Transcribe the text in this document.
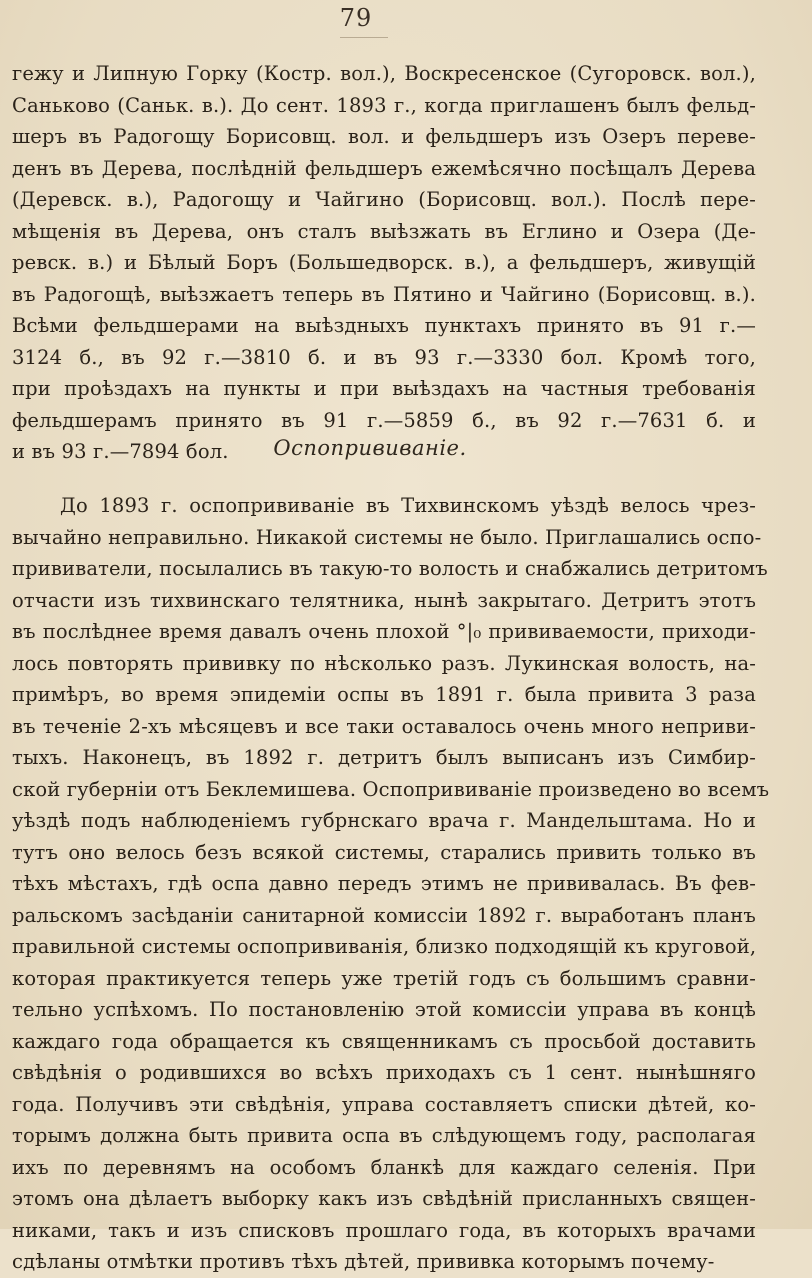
79
гежу и Липную Горку (Костр. вол.), Воскресенское (Сугоровск. вол.),
Саньково (Саньк. в.). До сент. 1893 г., когда приглашенъ былъ фельд-
шеръ въ Радогощу Борисовщ. вол. и фельдшеръ изъ Озеръ переве-
денъ въ Дерева, послѣднiй фельдшеръ ежемѣсячно посѣщалъ Дерева
(Деревск. в.), Радогощу и Чайгино (Борисовщ. вол.). Послѣ пере-
мѣщенiя въ Дерева, онъ сталъ выѣзжать въ Еглино и Озера (Де-
ревск. в.) и Бѣлый Боръ (Большедворск. в.), а фельдшеръ, живущiй
въ Радогощѣ, выѣзжаетъ теперь въ Пятино и Чайгино (Борисовщ. в.).
Всѣми фельдшерами на выѣздныхъ пунктахъ принято въ 91 г.—
3124 б., въ 92 г.—3810 б. и въ 93 г.—3330 бол. Кромѣ того,
при проѣздахъ на пункты и при выѣздахъ на частныя требованiя
фельдшерамъ принято въ 91 г.—5859 б., въ 92 г.—7631 б. и
и въ 93 г.—7894 бол.	Оспопрививанiе.
До 1893 г. оспопрививанiе въ Тихвинскомъ уѣздѣ велось чрез-
вычайно неправильно. Никакой системы не было. Приглашались оспо-
прививатели, посылались въ такую-то волость и снабжались детритомъ
отчасти изъ тихвинскаго телятника, нынѣ закрытаго. Детритъ этотъ
въ послѣднее время давалъ очень плохой °|₀ прививаемости, приходи-
лось повторять прививку по нѣсколько разъ. Лукинская волость, на-
примѣръ, во время эпидемiи оспы въ 1891 г. была привита 3 раза
въ теченiе 2-хъ мѣсяцевъ и все таки оставалось очень много неприви-
тыхъ. Наконецъ, въ 1892 г. детритъ былъ выписанъ изъ Симбир-
ской губернiи отъ Беклемишева. Оспопрививанiе произведено во всемъ
уѣздѣ подъ наблюденiемъ губрнскаго врача г. Мандельштама. Но и
тутъ оно велось безъ всякой системы, старались привить только въ
тѣхъ мѣстахъ, гдѣ оспа давно передъ этимъ не прививалась. Въ фев-
ральскомъ засѣданiи санитарной комиссiи 1892 г. выработанъ планъ
правильной системы оспопрививанiя, близко подходящiй къ круговой,
которая практикуется теперь уже третiй годъ съ большимъ сравни-
тельно успѣхомъ. По постановленiю этой комиссiи управа въ концѣ
каждаго года обращается къ священникамъ съ просьбой доставить
свѣдѣнiя о родившихся во всѣхъ приходахъ съ 1 сент. нынѣшняго
года. Получивъ эти свѣдѣнiя, управа составляетъ списки дѣтей, ко-
торымъ должна быть привита оспа въ слѣдующемъ году, располагая
ихъ по деревнямъ на особомъ бланкѣ для каждаго селенiя. При
этомъ она дѣлаетъ выборку какъ изъ свѣдѣнiй присланныхъ священ-
никами, такъ и изъ списковъ прошлаго года, въ которыхъ врачами
сдѣланы отмѣтки противъ тѣхъ дѣтей, прививка которымъ почему-
